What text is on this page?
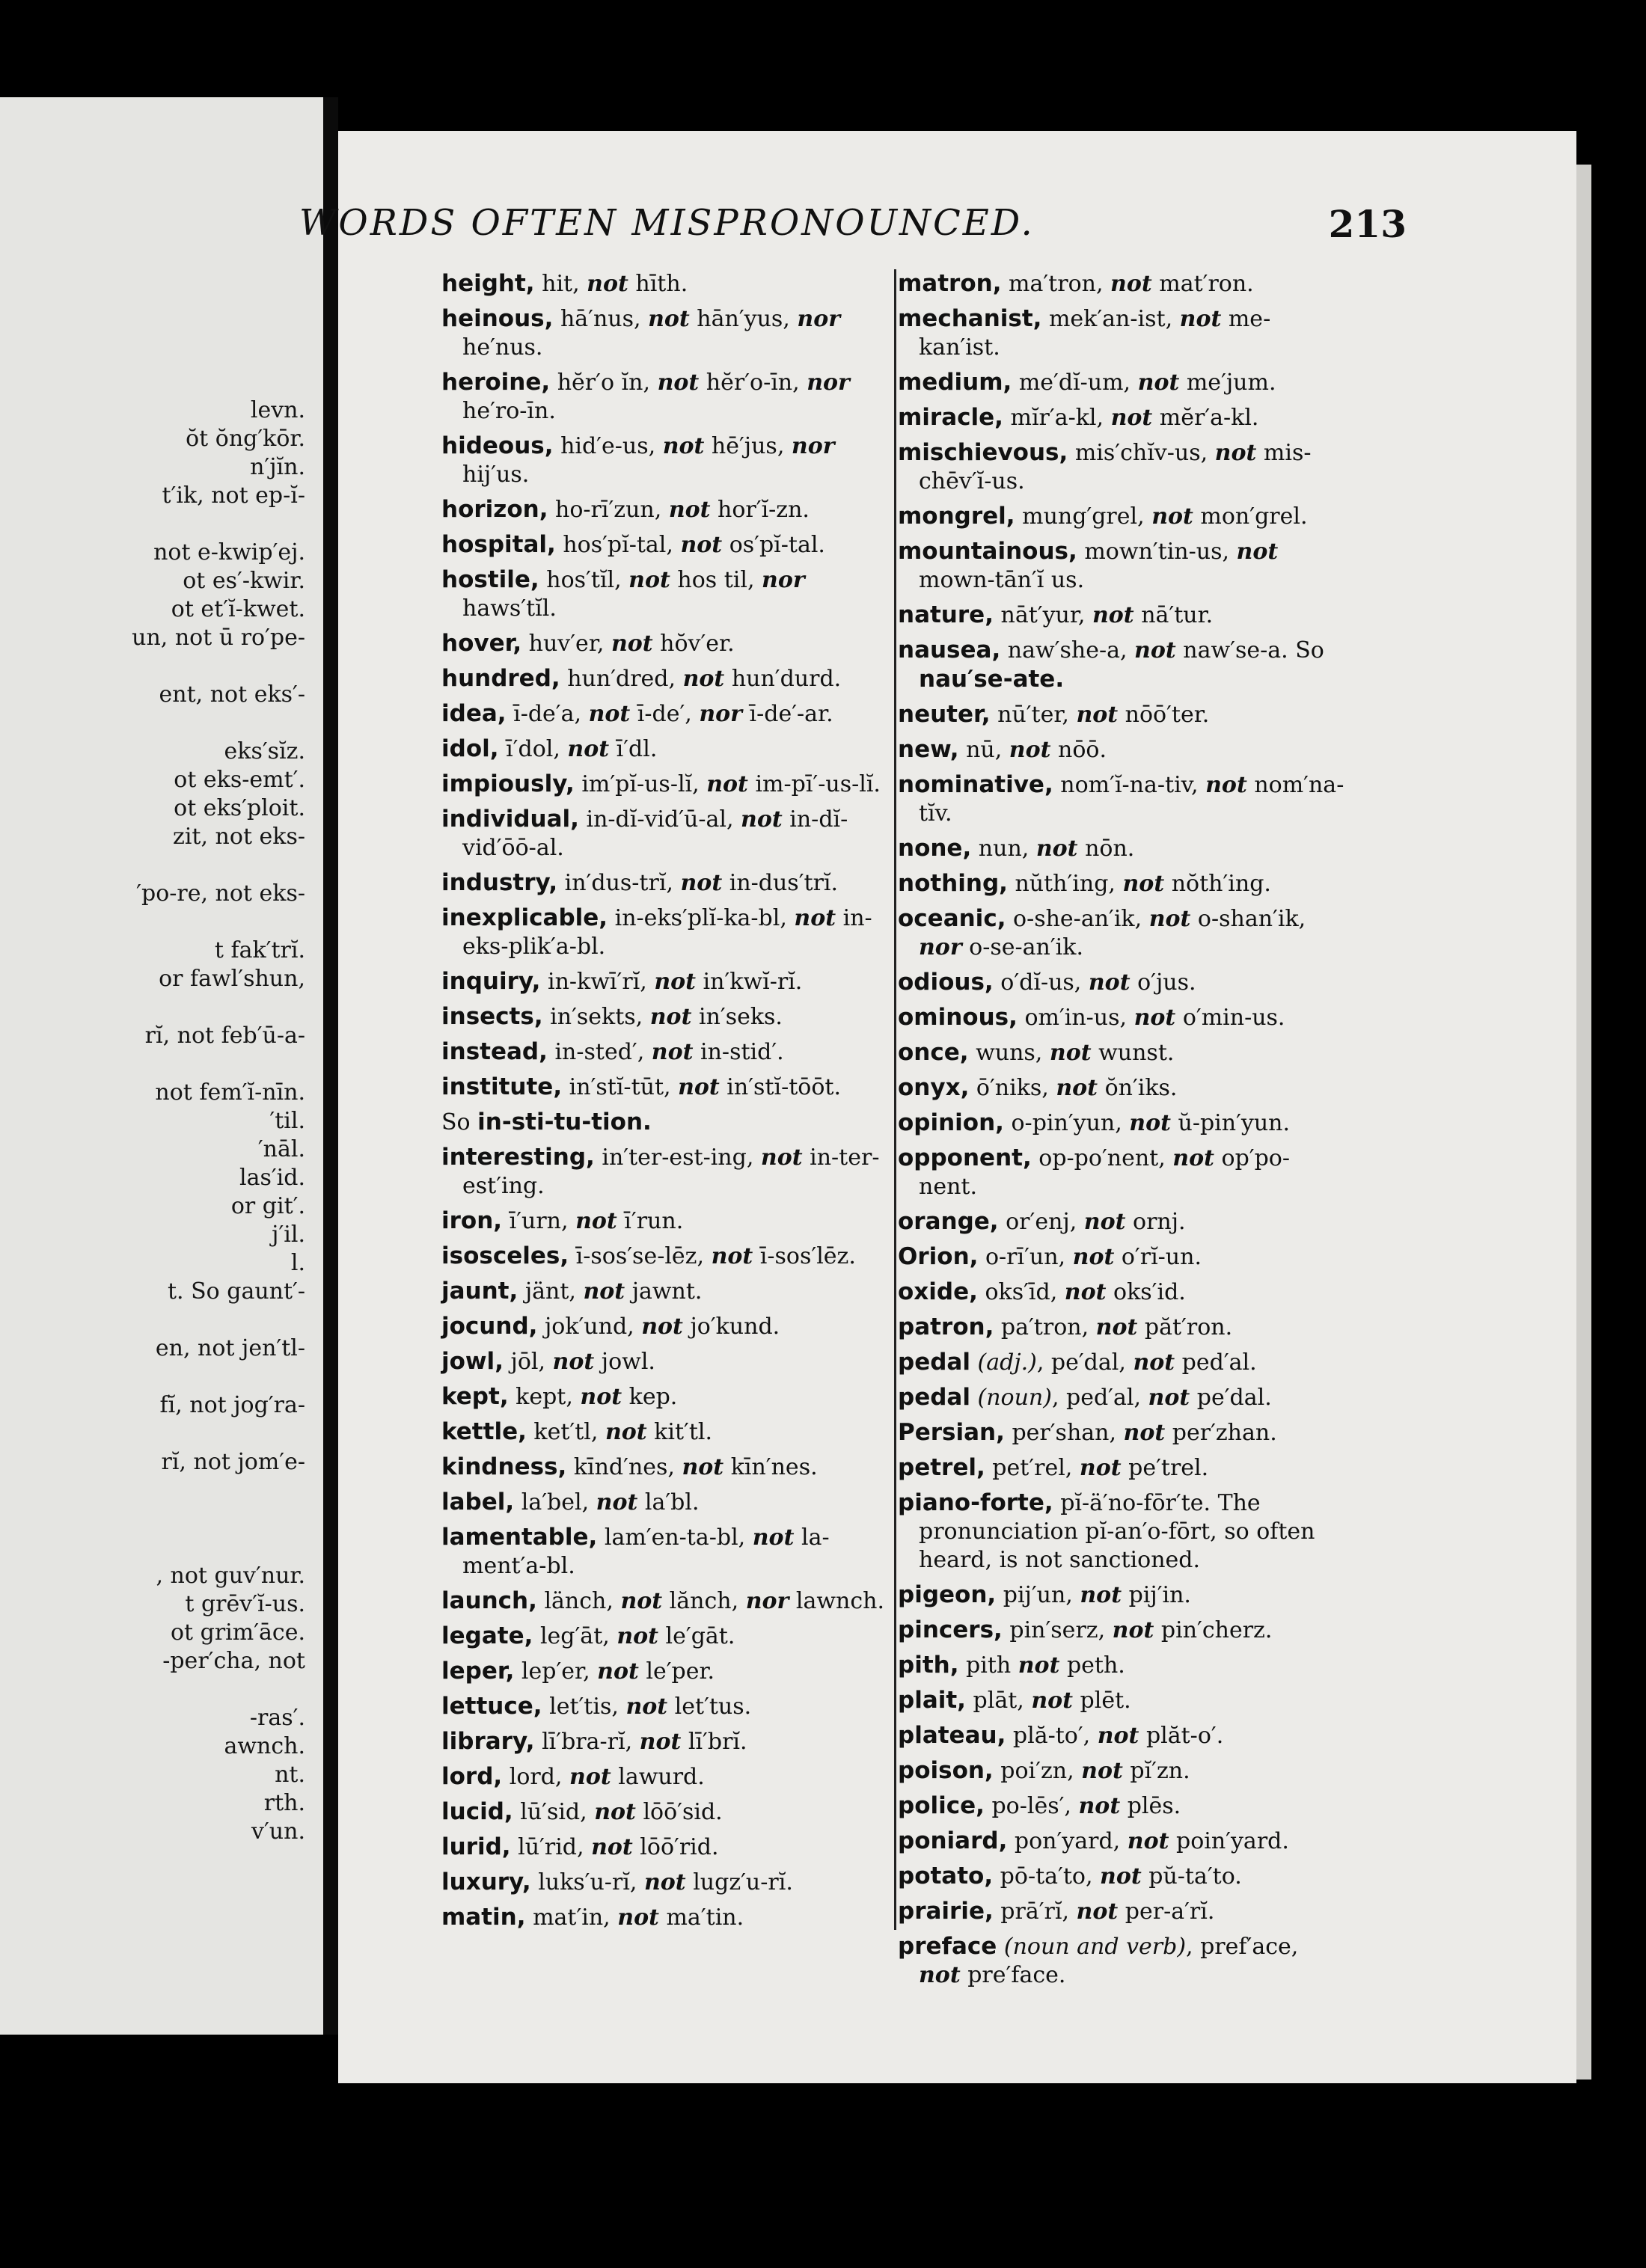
levn.
ŏt ŏng′kōr.
n′jĭn.
t′ik, not ep-ĭ-
not e-kwip′ej.
ot es′-kwir.
ot et′ĭ-kwet.
un, not ū ro′pe-
ent, not eks′-
eks′sĭz.
ot eks-emt′.
ot eks′ploit.
zit, not eks-
′po-re, not eks-
t fak′trĭ.
or fawl′shun,
rĭ, not feb′ū-a-
not fem′ĭ-nīn.
′til.
′nāl.
las′id.
or git′.
j′il.
l.
t. So gaunt′-
en, not jen′tl-
fĭ, not jog′ra-
rĭ, not jom′e-
, not guv′nur.
t grēv′ĭ-us.
ot grim′āce.
-per′cha, not
-ras′.
awnch.
nt.
rth.
v′un.
WORDS OFTEN MISPRONOUNCED.	213
height, hit, not hīth.
heinous, hā′nus, not hān′yus, nor he′nus.
heroine, hĕr′o ĭn, not hĕr′o-īn, nor he′ro-īn.
hideous, hid′e-us, not hē′jus, nor hij′us.
horizon, ho-rī′zun, not hor′ĭ-zn.
hospital, hos′pĭ-tal, not os′pĭ-tal.
hostile, hos′tĭl, not hos til, nor haws′tĭl.
hover, huv′er, not hŏv′er.
hundred, hun′dred, not hun′durd.
idea, ī-de′a, not ī-de′, nor ī-de′-ar.
idol, ī′dol, not ī′dl.
impiously, im′pĭ-us-lĭ, not im-pī′-us-lĭ.
individual, in-dĭ-vid′ū-al, not in-dĭ-vid′ōō-al.
industry, in′dus-trĭ, not in-dus′trĭ.
inexplicable, in-eks′plĭ-ka-bl, not in-eks-plik′a-bl.
inquiry, in-kwī′rĭ, not in′kwĭ-rĭ.
insects, in′sekts, not in′seks.
instead, in-sted′, not in-stid′.
institute, in′stĭ-tūt, not in′stĭ-tōōt.
So in-sti-tu-tion.
interesting, in′ter-est-ing, not in-ter-est′ing.
iron, ī′urn, not ī′run.
isosceles, ī-sos′se-lēz, not ī-sos′lēz.
jaunt, jänt, not jawnt.
jocund, jok′und, not jo′kund.
jowl, jōl, not jowl.
kept, kept, not kep.
kettle, ket′tl, not kit′tl.
kindness, kīnd′nes, not kīn′nes.
label, la′bel, not la′bl.
lamentable, lam′en-ta-bl, not la-ment′a-bl.
launch, länch, not lănch, nor lawnch.
legate, leg′āt, not le′gāt.
leper, lep′er, not le′per.
lettuce, let′tis, not let′tus.
library, lī′bra-rĭ, not lī′brĭ.
lord, lord, not lawurd.
lucid, lū′sid, not lōō′sid.
lurid, lū′rid, not lōō′rid.
luxury, luks′u-rĭ, not lugz′u-rĭ.
matin, mat′in, not ma′tin.
matron, ma′tron, not mat′ron.
mechanist, mek′an-ist, not me-kan′ist.
medium, me′dĭ-um, not me′jum.
miracle, mĭr′a-kl, not mĕr′a-kl.
mischievous, mis′chĭv-us, not mis-chēv′ĭ-us.
mongrel, mung′grel, not mon′grel.
mountainous, mown′tin-us, not mown-tān′ĭ us.
nature, nāt′yur, not nā′tur.
nausea, naw′she-a, not naw′se-a. So nau′se-ate.
neuter, nū′ter, not nōō′ter.
new, nū, not nōō.
nominative, nom′ĭ-na-tiv, not nom′na-tĭv.
none, nun, not nōn.
nothing, nŭth′ing, not nŏth′ing.
oceanic, o-she-an′ik, not o-shan′ik, nor o-se-an′ik.
odious, o′dĭ-us, not o′jus.
ominous, om′in-us, not o′min-us.
once, wuns, not wunst.
onyx, ō′niks, not ŏn′iks.
opinion, o-pin′yun, not ŭ-pin′yun.
opponent, op-po′nent, not op′po-nent.
orange, or′enj, not ornj.
Orion, o-rī′un, not o′rĭ-un.
oxide, oks′īd, not oks′id.
patron, pa′tron, not păt′ron.
pedal (adj.), pe′dal, not ped′al.
pedal (noun), ped′al, not pe′dal.
Persian, per′shan, not per′zhan.
petrel, pet′rel, not pe′trel.
piano-forte, pĭ-ä′no-fōr′te. The pronunciation pĭ-an′o-fōrt, so often heard, is not sanctioned.
pigeon, pij′un, not pij′in.
pincers, pin′serz, not pin′cherz.
pith, pith not peth.
plait, plāt, not plēt.
plateau, plă-to′, not plăt-o′.
poison, poi′zn, not pĭ′zn.
police, po-lēs′, not plēs.
poniard, pon′yard, not poin′yard.
potato, pō-ta′to, not pŭ-ta′to.
prairie, prā′rĭ, not per-a′rĭ.
preface (noun and verb), pref′ace, not pre′face.
